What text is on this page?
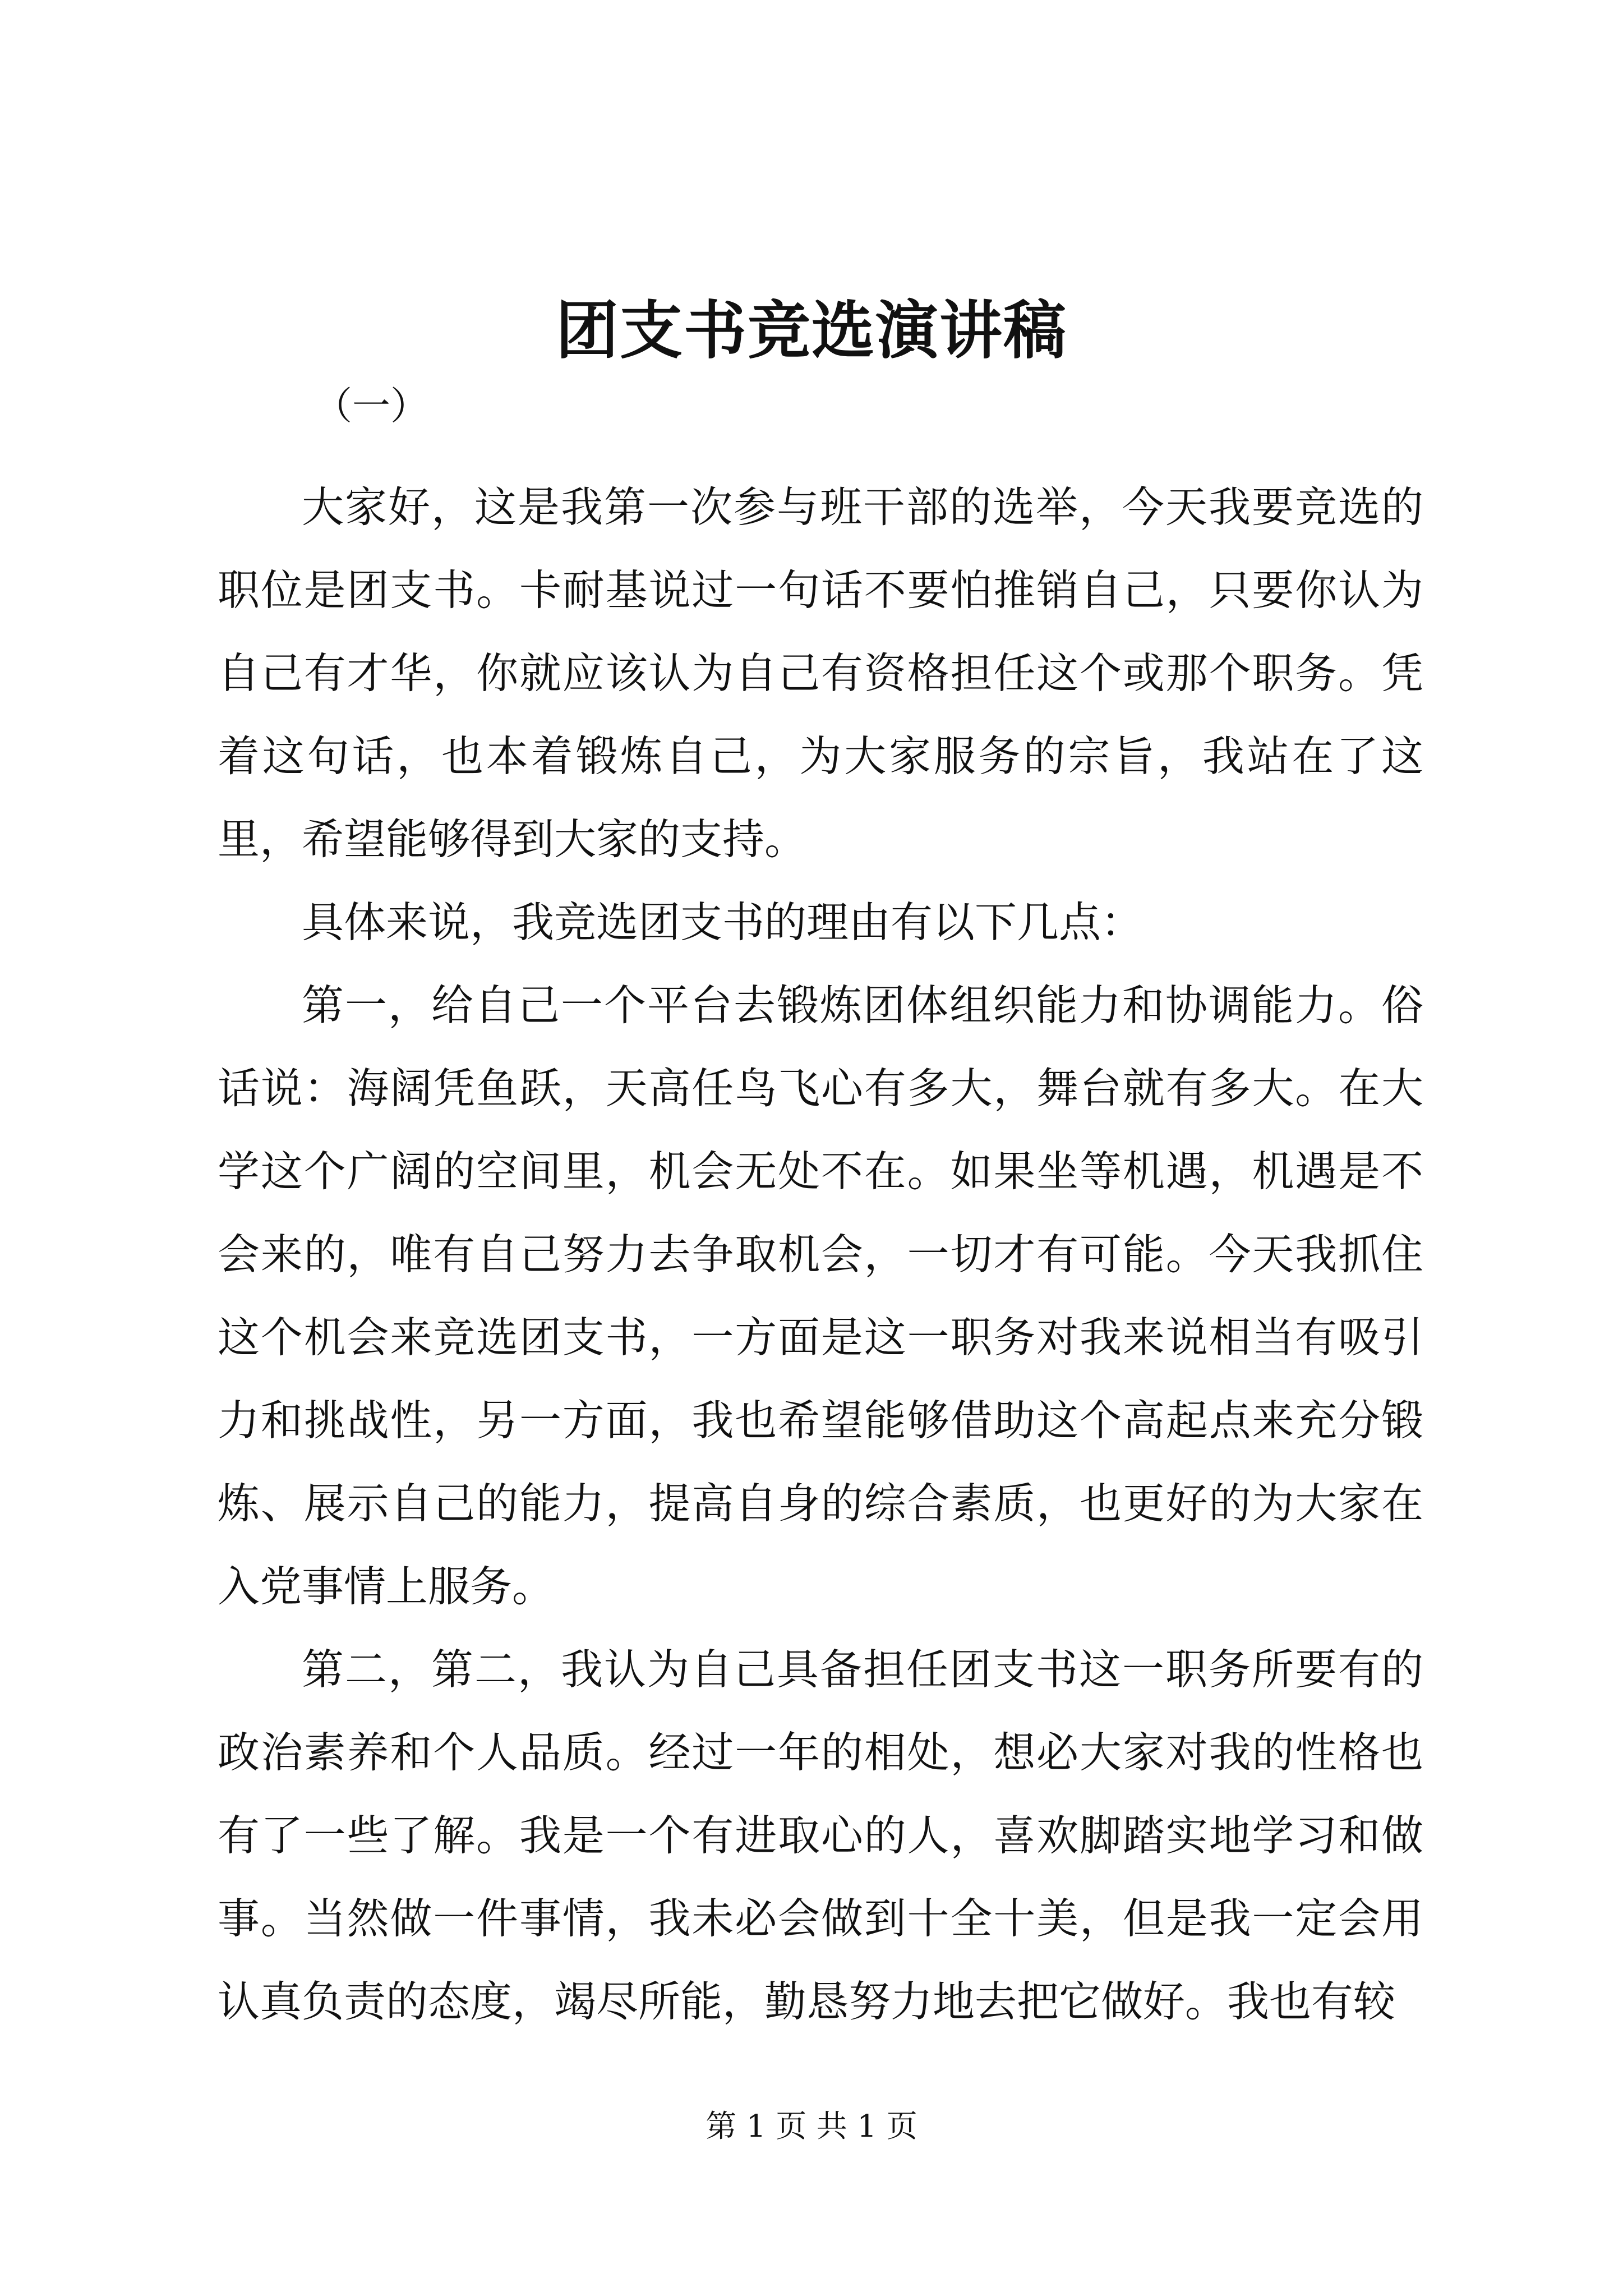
团支书竞选演讲稿
（一）

大家好，这是我第一次参与班干部的选举，今天我要竞选的职位是团支书。卡耐基说过一句话不要怕推销自己，只要你认为自己有才华，你就应该认为自己有资格担任这个或那个职务。凭着这句话，也本着锻炼自己，为大家服务的宗旨，我站在了这里，希望能够得到大家的支持。

具体来说，我竞选团支书的理由有以下几点：

第一，给自己一个平台去锻炼团体组织能力和协调能力。俗话说：海阔凭鱼跃，天高任鸟飞心有多大，舞台就有多大。在大学这个广阔的空间里，机会无处不在。如果坐等机遇，机遇是不会来的，唯有自己努力去争取机会，一切才有可能。今天我抓住这个机会来竞选团支书，一方面是这一职务对我来说相当有吸引力和挑战性，另一方面，我也希望能够借助这个高起点来充分锻炼、展示自己的能力，提高自身的综合素质，也更好的为大家在入党事情上服务。

第二，第二，我认为自己具备担任团支书这一职务所要有的政治素养和个人品质。经过一年的相处，想必大家对我的性格也有了一些了解。我是一个有进取心的人，喜欢脚踏实地学习和做事。当然做一件事情，我未必会做到十全十美，但是我一定会用认真负责的态度，竭尽所能，勤恳努力地去把它做好。我也有较

第 1 页 共 1 页
